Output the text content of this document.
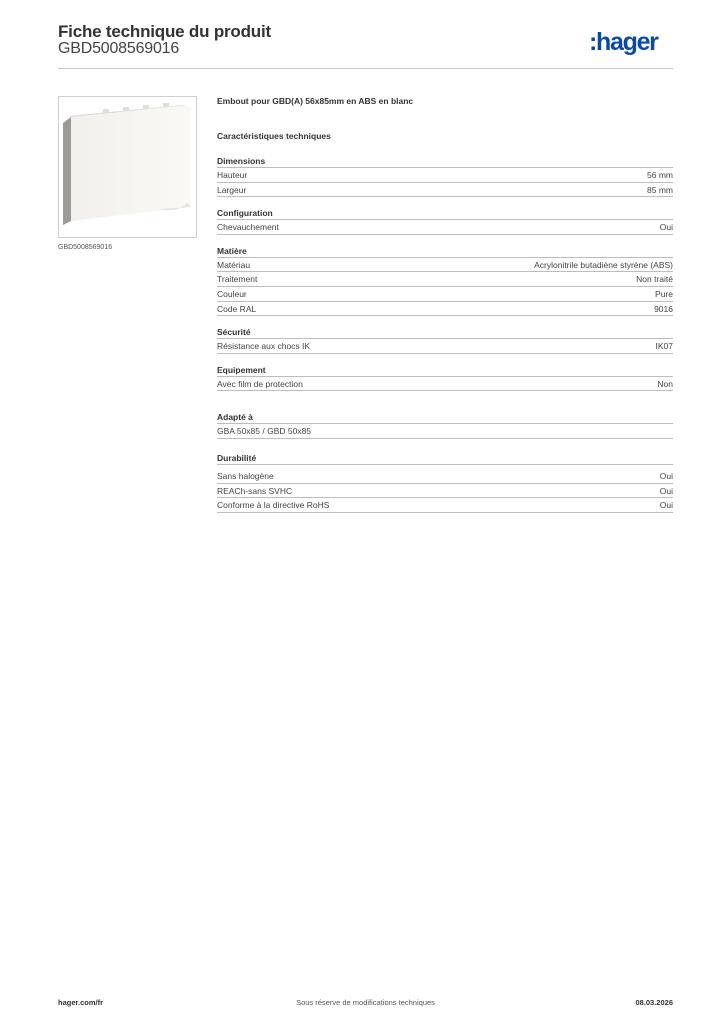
Fiche technique du produit
GBD5008569016	:hager
GBD5008569016
Embout pour GBD(A) 56x85mm en ABS en blanc
Caractéristiques techniques
Dimensions
Hauteur	56 mm
Largeur	85 mm
Configuration
Chevauchement	Oui
Matière
Matériau	Acrylonitrile butadiène styrène (ABS)
Traitement	Non traité
Couleur	Pure
Code RAL	9016
Sécurité
Résistance aux chocs IK	IK07
Equipement
Avec film de protection	Non
Adapté à
GBA 50x85 / GBD 50x85
Durabilité
Sans halogène	Oui
REACh-sans SVHC	Oui
Conforme à la directive RoHS	Oui
hager.com/fr	Sous réserve de modifications techniques	08.03.2026
